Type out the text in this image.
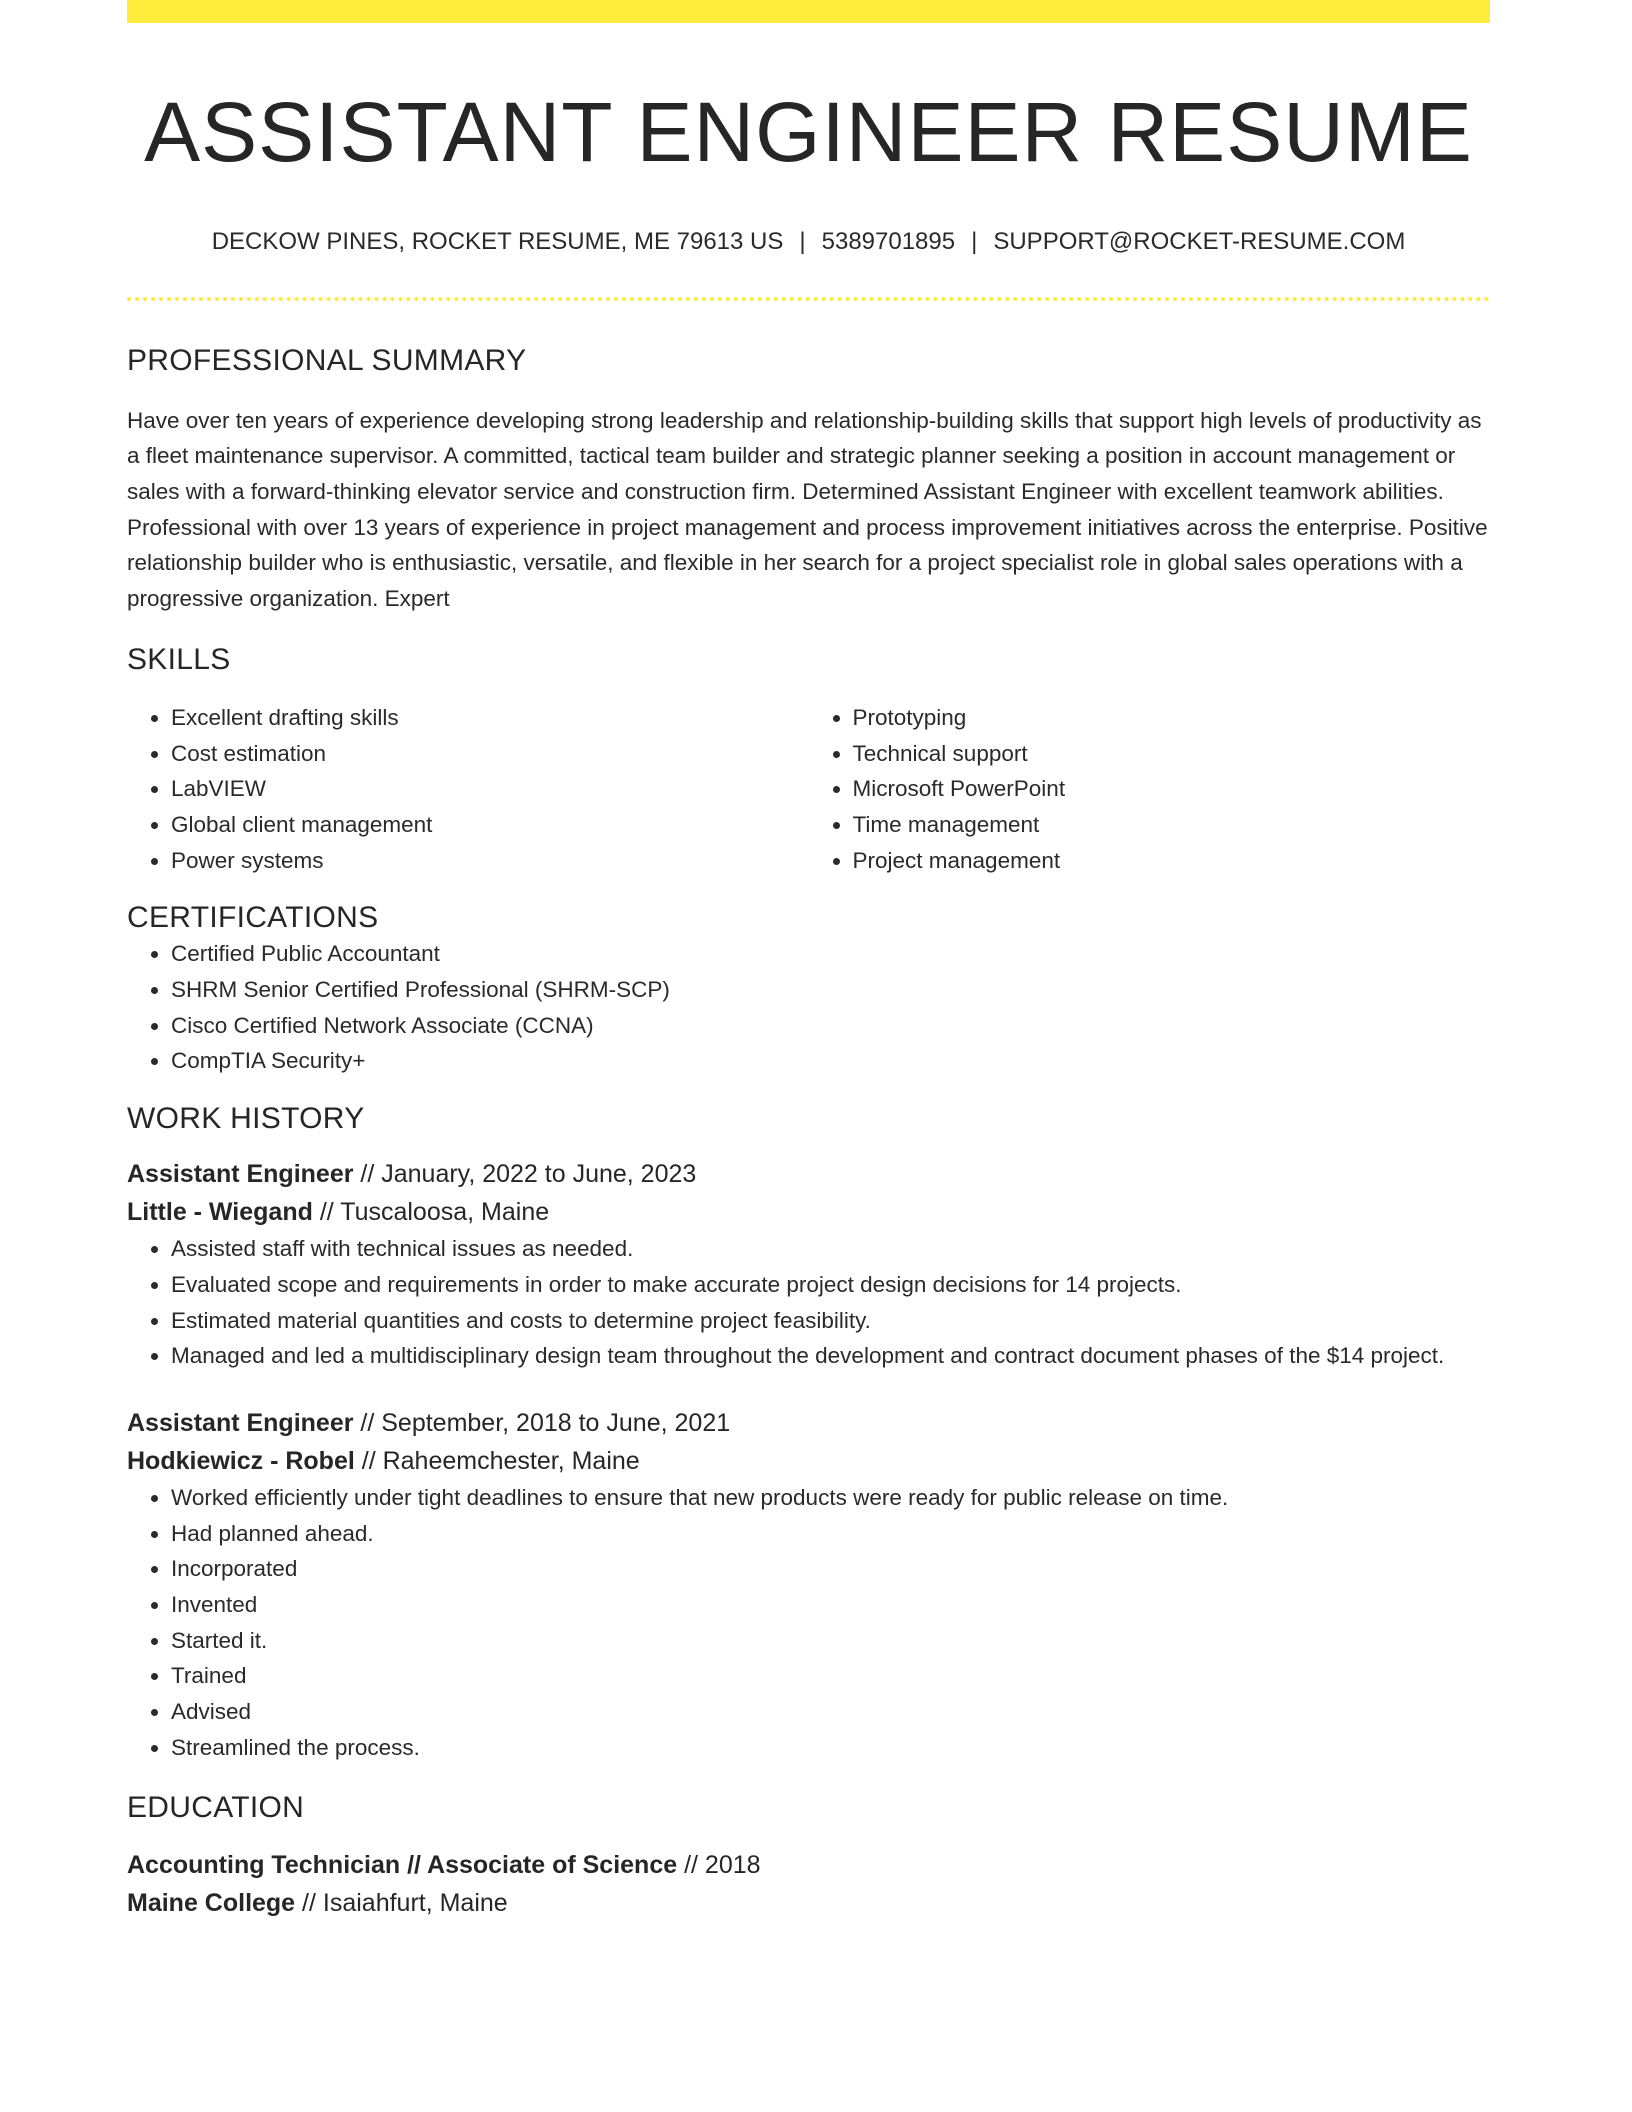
ASSISTANT ENGINEER RESUME
DECKOW PINES, ROCKET RESUME, ME 79613 US | 5389701895 | SUPPORT@ROCKET-RESUME.COM
PROFESSIONAL SUMMARY

Have over ten years of experience developing strong leadership and relationship-building skills that support high levels of productivity as a fleet maintenance supervisor. A committed, tactical team builder and strategic planner seeking a position in account management or sales with a forward-thinking elevator service and construction firm. Determined Assistant Engineer with excellent teamwork abilities. Professional with over 13 years of experience in project management and process improvement initiatives across the enterprise. Positive relationship builder who is enthusiastic, versatile, and flexible in her search for a project specialist role in global sales operations with a progressive organization. Expert

SKILLS
• Excellent drafting skills
• Cost estimation
• LabVIEW
• Global client management
• Power systems
• Prototyping
• Technical support
• Microsoft PowerPoint
• Time management
• Project management
CERTIFICATIONS
• Certified Public Accountant
• SHRM Senior Certified Professional (SHRM-SCP)
• Cisco Certified Network Associate (CCNA)
• CompTIA Security+
WORK HISTORY
Assistant Engineer // January, 2022 to June, 2023
Little - Wiegand // Tuscaloosa, Maine
• Assisted staff with technical issues as needed.
• Evaluated scope and requirements in order to make accurate project design decisions for 14 projects.
• Estimated material quantities and costs to determine project feasibility.
• Managed and led a multidisciplinary design team throughout the development and contract document phases of the $14 project.
Assistant Engineer // September, 2018 to June, 2021
Hodkiewicz - Robel // Raheemchester, Maine
• Worked efficiently under tight deadlines to ensure that new products were ready for public release on time.
• Had planned ahead.
• Incorporated
• Invented
• Started it.
• Trained
• Advised
• Streamlined the process.
EDUCATION
Accounting Technician // Associate of Science // 2018
Maine College // Isaiahfurt, Maine
